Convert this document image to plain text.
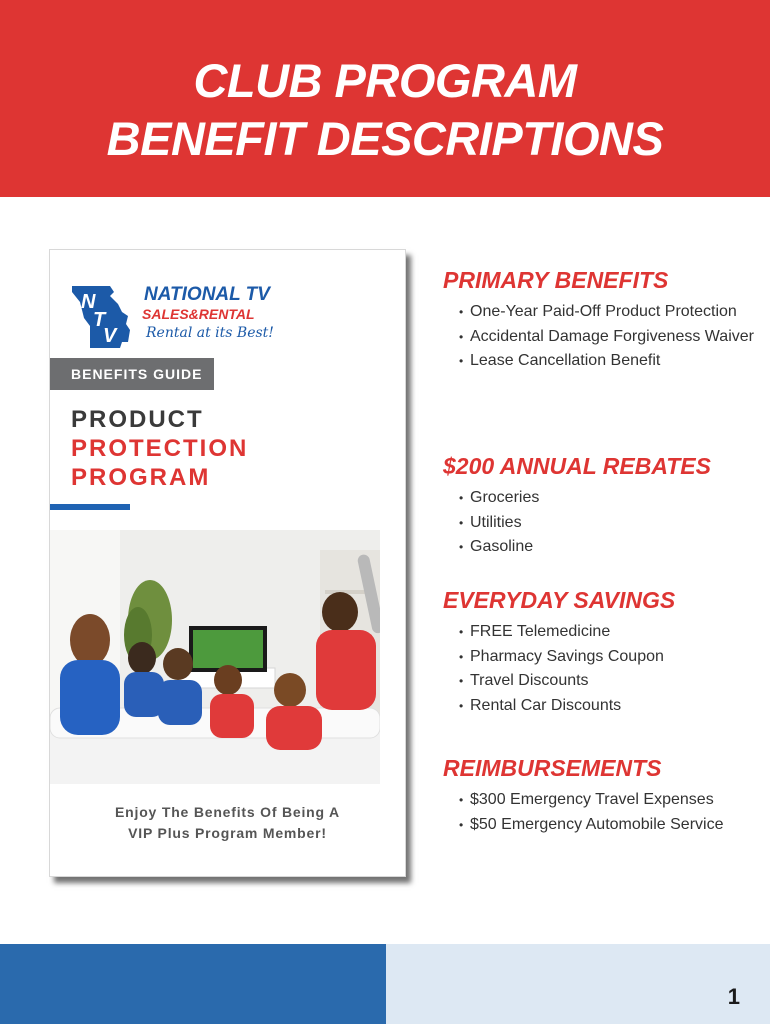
CLUB PROGRAM
BENEFIT DESCRIPTIONS
N
T
V
NATIONAL TV
SALES&RENTAL
Rental at its Best!
BENEFITS GUIDE
PRODUCT
PROTECTION
PROGRAM
Enjoy The Benefits Of Being A
VIP Plus Program Member!
PRIMARY BENEFITS
• One-Year Paid-Off Product Protection
• Accidental Damage Forgiveness Waiver
• Lease Cancellation Benefit
$200 ANNUAL REBATES
• Groceries
• Utilities
• Gasoline
EVERYDAY SAVINGS
• FREE Telemedicine
• Pharmacy Savings Coupon
• Travel Discounts
• Rental Car Discounts
REIMBURSEMENTS
• $300 Emergency Travel Expenses
• $50 Emergency Automobile Service
1
